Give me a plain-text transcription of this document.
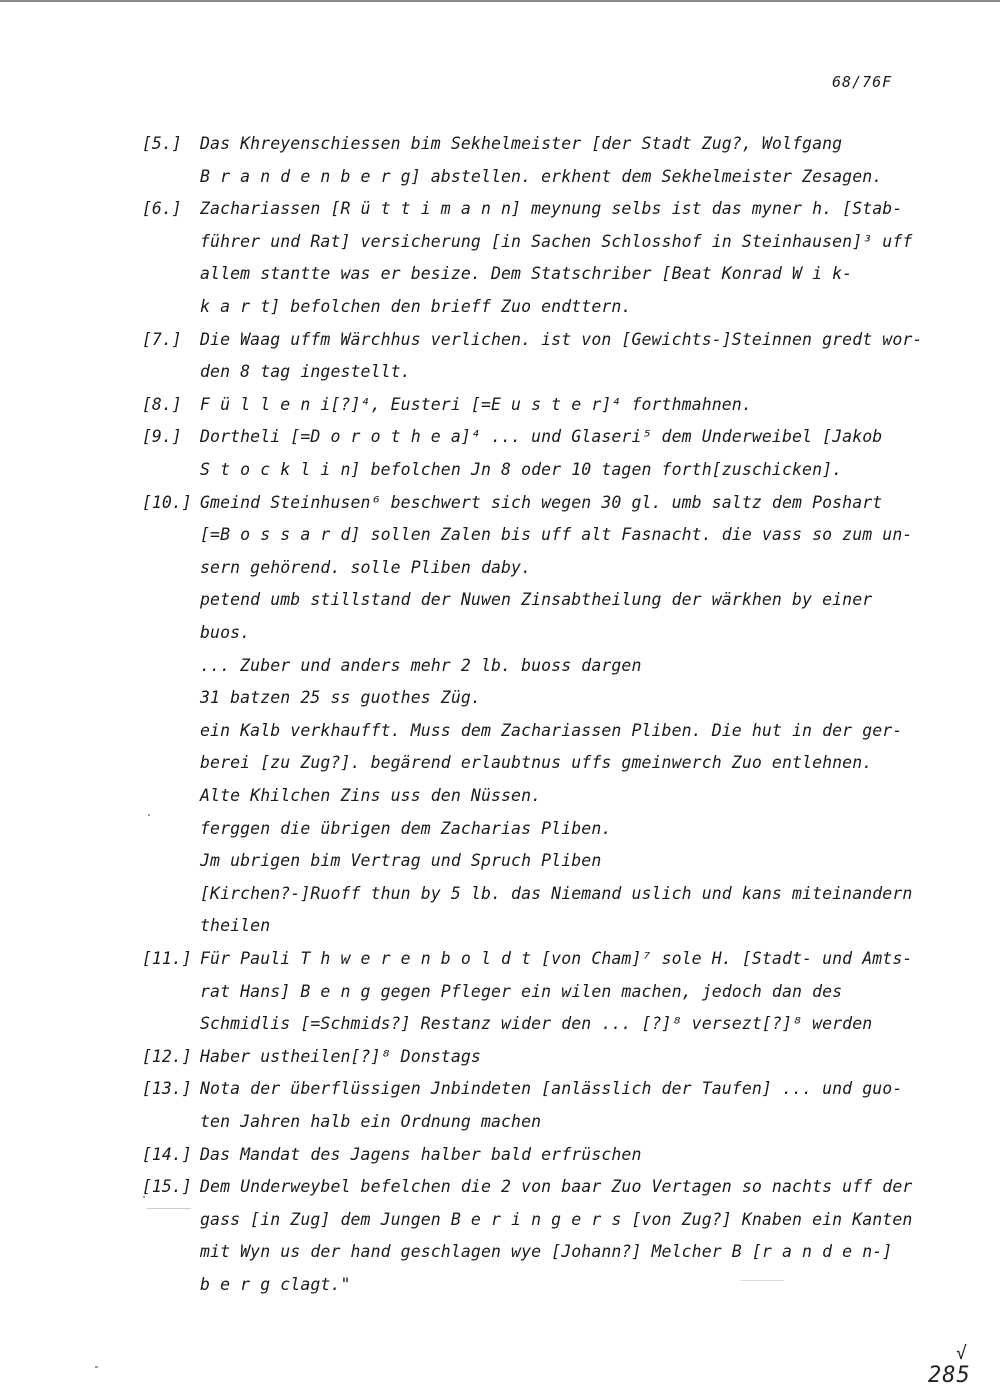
68/76F
[5.] Das Khreyenschiessen bim Sekhelmeister [der Stadt Zug?, Wolfgang
B r a n d e n b e r g] abstellen. erkhent dem Sekhelmeister Zesagen.
[6.] Zachariassen [R ü t t i m a n n] meynung selbs ist das myner h. [Stab-
führer und Rat] versicherung [in Sachen Schlosshof in Steinhausen]³ uff
allem stantte was er besize. Dem Statschriber [Beat Konrad W i k-
k a r t] befolchen den brieff Zuo endttern.
[7.] Die Waag uffm Wärchhus verlichen. ist von [Gewichts-]Steinnen gredt wor-
den 8 tag ingestellt.
[8.] F ü l l e n i[?]⁴, Eusteri [=E u s t e r]⁴ forthmahnen.
[9.] Dortheli [=D o r o t h e a]⁴ ... und Glaseri⁵ dem Underweibel [Jakob
S t o c k l i n] befolchen Jn 8 oder 10 tagen forth[zuschicken].
[10.] Gmeind Steinhusen⁶ beschwert sich wegen 30 gl. umb saltz dem Poshart
[=B o s s a r d] sollen Zalen bis uff alt Fasnacht. die vass so zum un-
sern gehörend. solle Pliben daby.
petend umb stillstand der Nuwen Zinsabtheilung der wärkhen by einer
buos.
... Zuber und anders mehr 2 lb. buoss dargen
31 batzen 25 ss guothes Züg.
ein Kalb verkhaufft. Muss dem Zachariassen Pliben. Die hut in der ger-
berei [zu Zug?]. begärend erlaubtnus uffs gmeinwerch Zuo entlehnen.
Alte Khilchen Zins uss den Nüssen.
ferggen die übrigen dem Zacharias Pliben.
Jm ubrigen bim Vertrag und Spruch Pliben
[Kirchen?-]Ruoff thun by 5 lb. das Niemand uslich und kans miteinandern
theilen
[11.] Für Pauli T h w e r e n b o l d t [von Cham]⁷ sole H. [Stadt- und Amts-
rat Hans] B e n g gegen Pfleger ein wilen machen, jedoch dan des
Schmidlis [=Schmids?] Restanz wider den ... [?]⁸ versezt[?]⁸ werden
[12.] Haber ustheilen[?]⁸ Donstags
[13.] Nota der überflüssigen Jnbindeten [anlässlich der Taufen] ... und guo-
ten Jahren halb ein Ordnung machen
[14.] Das Mandat des Jagens halber bald erfrüschen
[15.] Dem Underweybel befelchen die 2 von baar Zuo Vertagen so nachts uff der
gass [in Zug] dem Jungen B e r i n g e r s [von Zug?] Knaben ein Kanten
mit Wyn us der hand geschlagen wye [Johann?] Melcher B [r a n d e n-]
b e r g clagt."
√
285
